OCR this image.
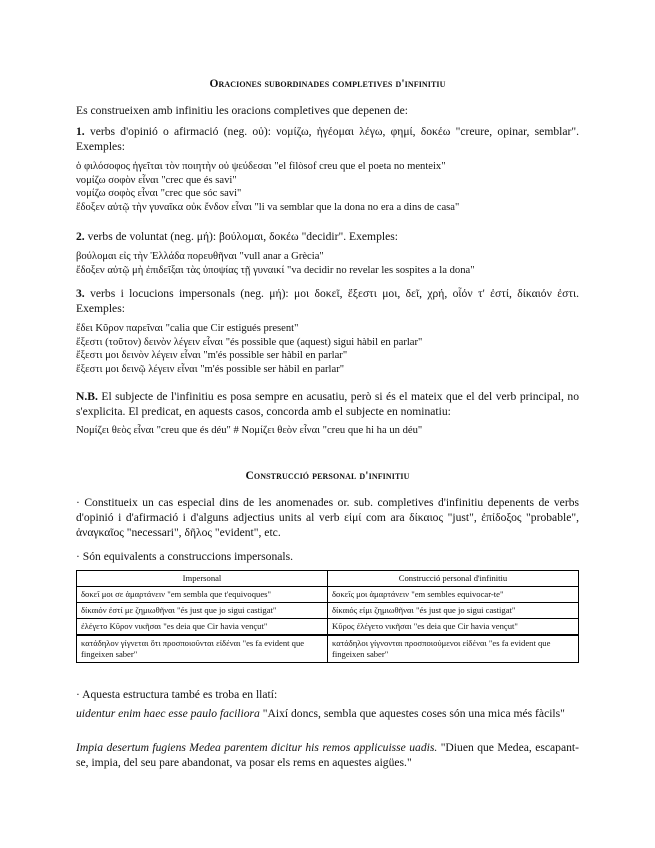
Oraciones subordinades completives d'infinitiu
Es construeixen amb infinitiu les oracions completives que depenen de:
1. verbs d'opinió o afirmació (neg. οὐ): νομίζω, ἡγέομαι λέγω, φημί, δοκέω "creure, opinar, semblar". Exemples:
ὁ φιλόσοφος ἡγεῖται τὸν ποιητὴν οὐ ψεύδεσαι "el filòsof creu que el poeta no menteix"
νομίζω σοφὸν εἶναι "crec que és savi"
νομίζω σοφὸς εἶναι "crec que sóc savi"
ἔδοξεν αὐτῷ τὴν γυναῖκα οὐκ ἔνδον εἶναι "li va semblar que la dona no era a dins de casa"
2. verbs de voluntat (neg. μή): βούλομαι, δοκέω "decidir". Exemples:
βούλομαι εἰς τὴν Ἑλλάδα πορευθῆναι "vull anar a Grècia"
ἔδοξεν αὐτῷ μὴ ἐπιδεῖξαι τὰς ὑποψίας τῇ γυναικί "va decidir no revelar les sospites a la dona"
3. verbs i locucions impersonals (neg. μή): μοι δοκεῖ, ἔξεστι μοι, δεῖ, χρή, οἷόν τ' ἐστί, δίκαιόν ἐστι. Exemples:
ἔδει Κῦρον παρεῖναι "calia que Cir estigués present"
ἔξεστι (τοῦτον) δεινὸν λέγειν εἶναι "és possible que (aquest) sigui hàbil en parlar"
ἔξεστι μοι δεινὸν λέγειν εἶναι "m'és possible ser hàbil en parlar"
ἔξεστι μοι δεινῷ λέγειν εἶναι "m'és possible ser hàbil en parlar"
N.B. El subjecte de l'infinitiu es posa sempre en acusatiu, però si és el mateix que el del verb principal, no s'explicita. El predicat, en aquests casos, concorda amb el subjecte en nominatiu:
Νομίζει θεὸς εἶναι "creu que és déu" # Νομίζει θεὸν εἶναι "creu que hi ha un déu"
Construcció personal d'infinitiu
· Constitueix un cas especial dins de les anomenades or. sub. completives d'infinitiu depenents de verbs d'opinió i d'afirmació i d'alguns adjectius units al verb εἰμί com ara δίκαιος "just", ἐπίδοξος "probable", ἀναγκαῖος "necessari", δῆλος "evident", etc.
· Són equivalents a construccions impersonals.
Impersonal	Construcció personal d'infinitiu
δοκεῖ μοι σε ἁμαρτάνειν "em sembla que t'equivoques"	δοκεῖς μοι ἁμαρτάνειν "em sembles equivocar-te"
δίκαιόν ἐστί με ζημιωθῆναι "és just que jo sigui castigat"	δίκαιός εἰμι ζημιωθῆναι "és just que jo sigui castigat"
ἐλέγετο Κῦρον νικῆσαι "es deia que Cir havia vençut"	Κῦρος ἐλέγετο νικῆσαι "es deia que Cir havia vençut"
κατάδηλον γίγνεται ὅτι προσποιοῦνται εἰδέναι "es fa evident que fingeixen saber"	κατάδηλοι γίγνονται προσποιούμενοι εἰδέναι "es fa evident que fingeixen saber"
· Aquesta estructura també es troba en llatí:
uidentur enim haec esse paulo faciliora "Així doncs, sembla que aquestes coses són una mica més fàcils"
Impia desertum fugiens Medea parentem dicitur his remos applicuisse uadis. "Diuen que Medea, escapant-se, impia, del seu pare abandonat, va posar els rems en aquestes aigües."
